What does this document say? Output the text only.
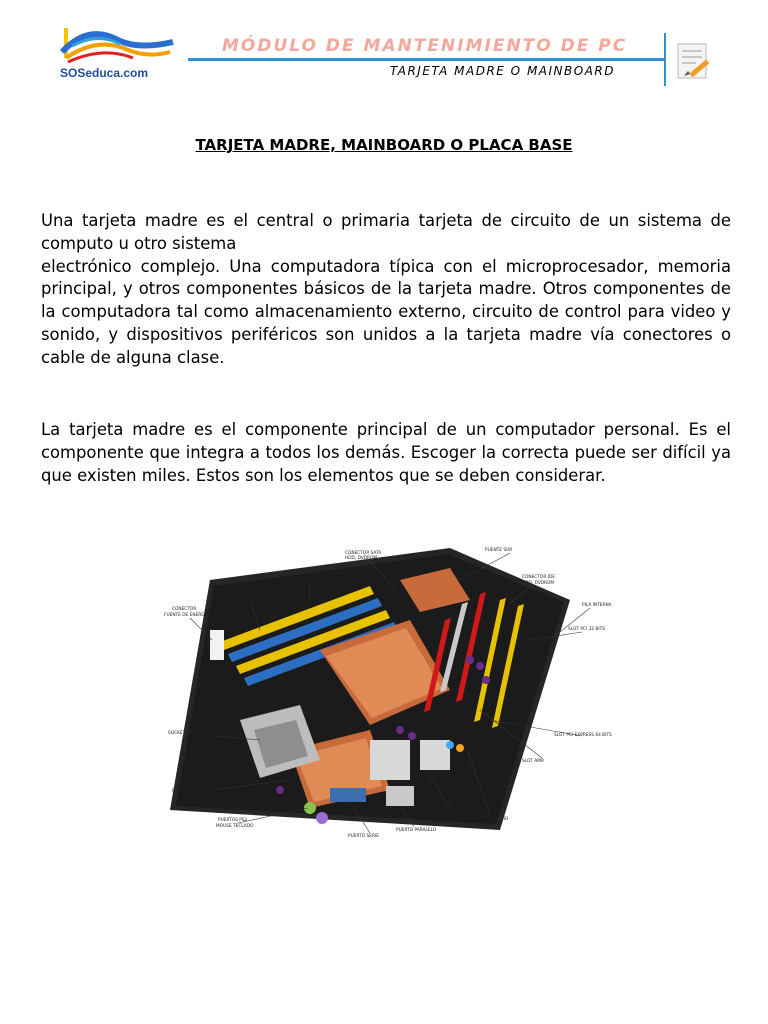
SOSeduca.com
MÓDULO DE MANTENIMIENTO DE PC
TARJETA MADRE O MAINBOARD
TARJETA MADRE, MAINBOARD O PLACA BASE
Una tarjeta madre es el central o primaria tarjeta de circuito de un sistema de computo u otro sistema
electrónico complejo. Una computadora típica con el microprocesador, memoria principal, y otros componentes básicos de la tarjeta madre. Otros componentes de la computadora tal como almacenamiento externo, circuito de control para video y sonido, y dispositivos periféricos son unidos a la tarjeta madre vía conectores o cable de alguna clase.

La tarjeta madre es el componente principal de un computador personal. Es el componente que integra a todos los demás. Escoger la correcta puede ser difícil ya que existen miles. Estos son los elementos que se deben considerar.

CONECTOR SATA
HDD, DVDROM
PUENTE SUR
CONECTOR FLOPPY DISK
FDC
BANCO DE MEMORIAS
DDR1, DDR2, DDR3
CONECTOR
FUENTE DE ENERGIA
CONECTOR IDE
HDD, DVDROM
PILA INTERNA
SLOT PCI 32 BITS
SOCKET PROCESADOR	SLOT PCI EXPRESS 64 BITS
SLOT AMR
PUENTE NORTE
TARJETA DE AUDIO
INTEGRADA
PUERTOS USB
PUERTOS PS2
MOUSE TECLADO
PUERTO PARALELO
PUERTO SERIE
